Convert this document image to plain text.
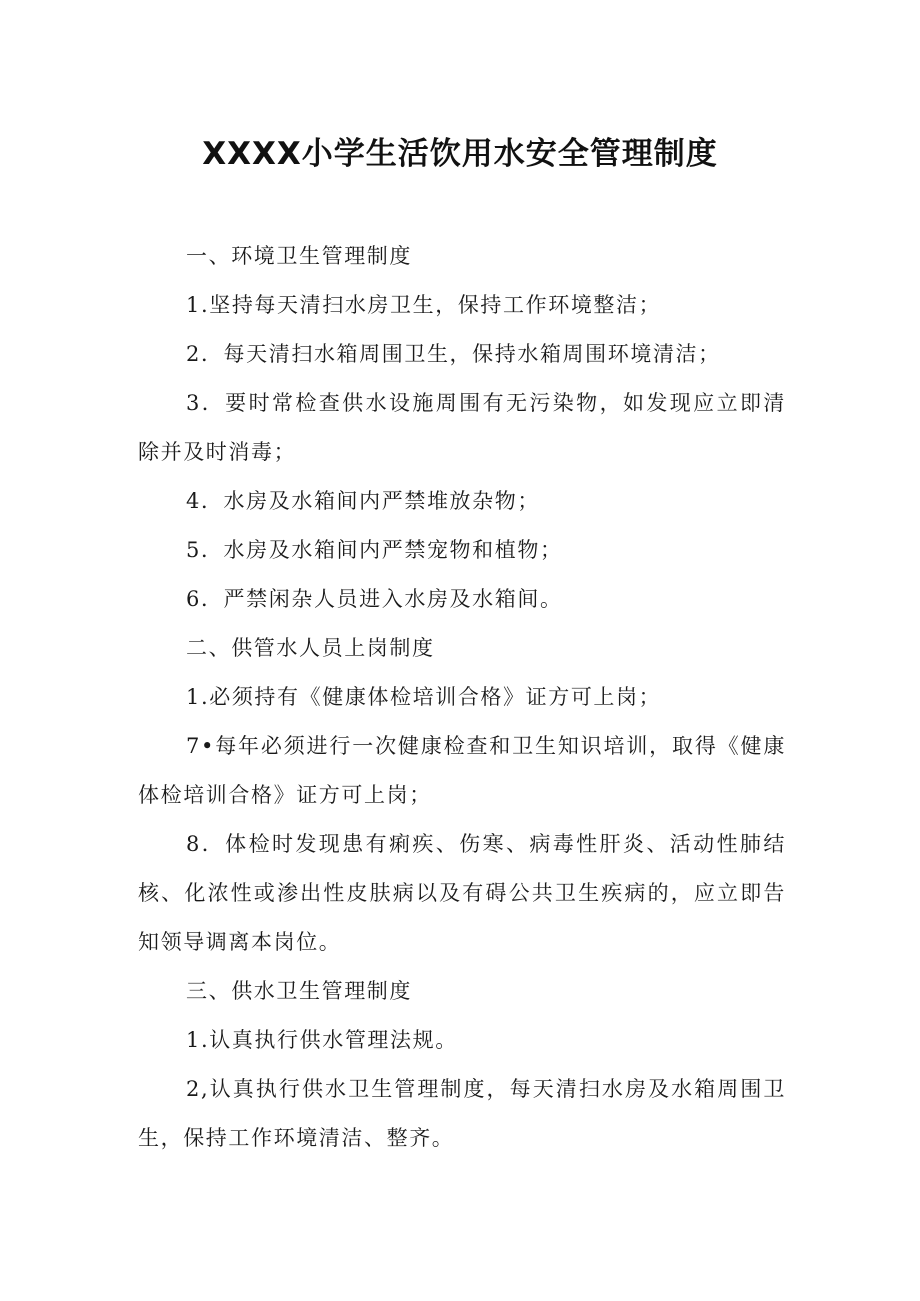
XXXX小学生活饮用水安全管理制度

一、环境卫生管理制度

1.坚持每天清扫水房卫生，保持工作环境整洁；

2．每天清扫水箱周围卫生，保持水箱周围环境清洁；

3．要时常检查供水设施周围有无污染物，如发现应立即清除并及时消毒；

4．水房及水箱间内严禁堆放杂物；

5．水房及水箱间内严禁宠物和植物；

6．严禁闲杂人员进入水房及水箱间。

二、供管水人员上岗制度

1.必须持有《健康体检培训合格》证方可上岗；

7•每年必须进行一次健康检查和卫生知识培训，取得《健康体检培训合格》证方可上岗；

8．体检时发现患有痢疾、伤寒、病毒性肝炎、活动性肺结核、化浓性或渗出性皮肤病以及有碍公共卫生疾病的，应立即告知领导调离本岗位。

三、供水卫生管理制度

1.认真执行供水管理法规。

2,认真执行供水卫生管理制度，每天清扫水房及水箱周围卫生，保持工作环境清洁、整齐。
